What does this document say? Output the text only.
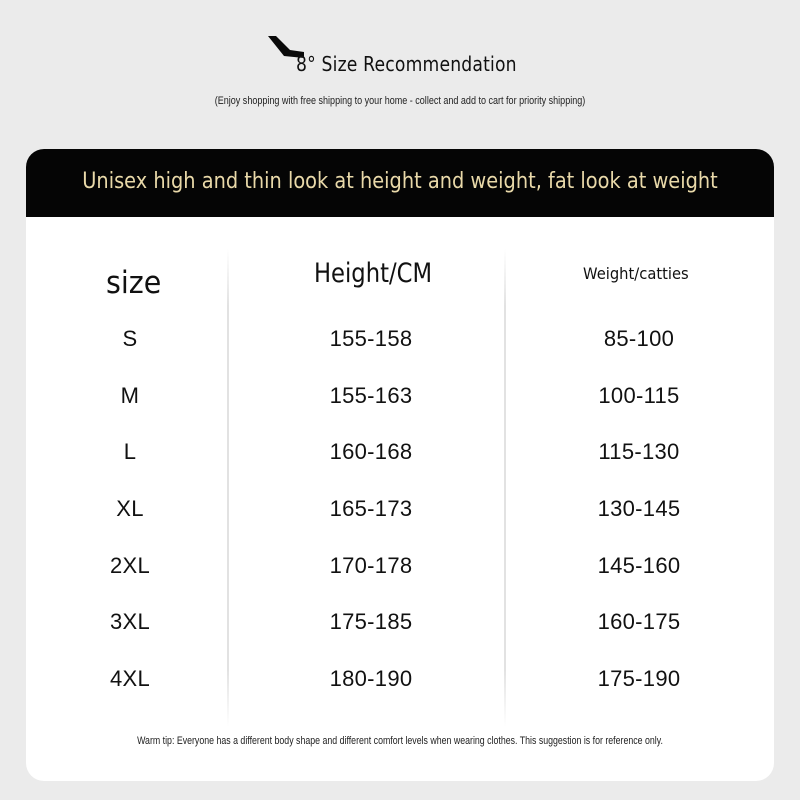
8° Size Recommendation
(Enjoy shopping with free shipping to your home - collect and add to cart for priority shipping)
Unisex high and thin look at height and weight, fat look at weight
size	Height/CM	Weight/catties
S	155-158	85-100
M	155-163	100-115
L	160-168	115-130
XL	165-173	130-145
2XL	170-178	145-160
3XL	175-185	160-175
4XL	180-190	175-190
Warm tip: Everyone has a different body shape and different comfort levels when wearing clothes. This suggestion is for reference only.
